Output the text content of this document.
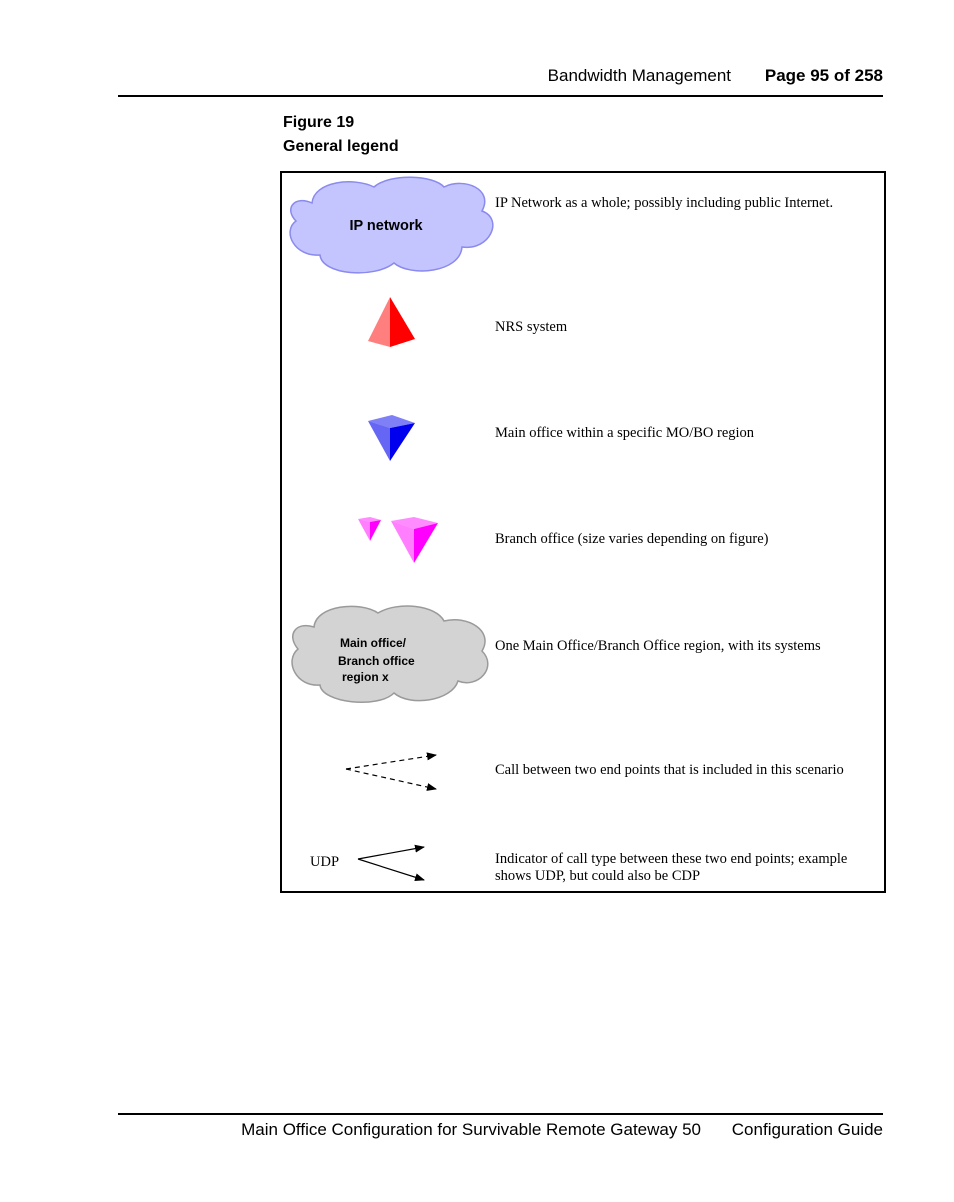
Bandwidth Management Page 95 of 258
Figure 19
General legend
IP network
Main office/ Branch office region x
UDP
IP Network as a whole; possibly including public Internet.
NRS system
Main office within a specific MO/BO region
Branch office (size varies depending on figure)
One Main Office/Branch Office region, with its systems
Call between two end points that is included in this scenario
Indicator of call type between these two end points; example
shows UDP, but could also be CDP
Main Office Configuration for Survivable Remote Gateway 50 Configuration Guide
